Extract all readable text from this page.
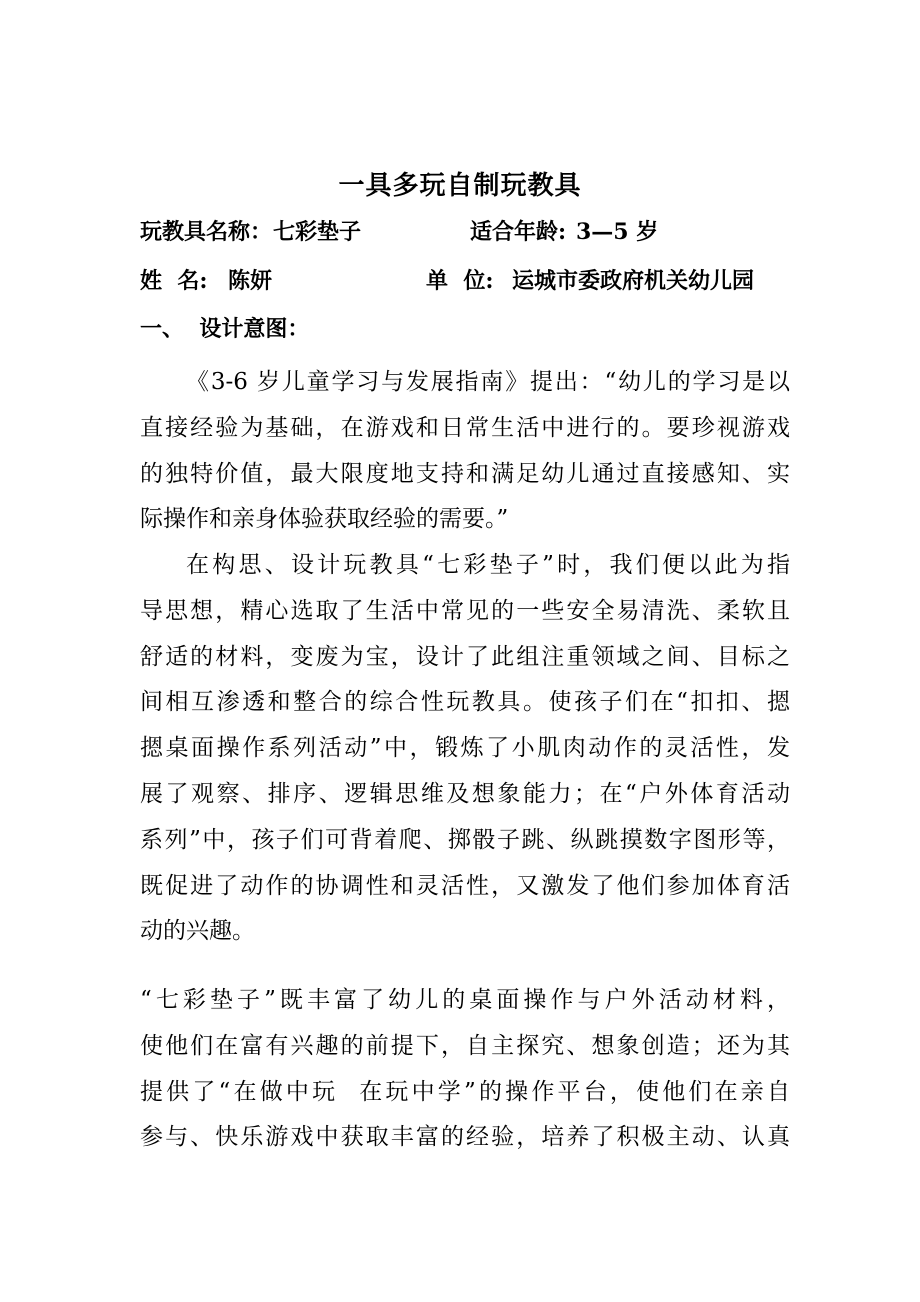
一具多玩自制玩教具
玩教具名称： 七彩垫子	适合年龄: 3—5 岁
姓  名: 陈妍	单  位: 运城市委政府机关幼儿园
一、  设计意图：
《3-6 岁儿童学习与发展指南》提出：“幼儿的学习是以
直接经验为基础，在游戏和日常生活中进行的。要珍视游戏
的独特价值，最大限度地支持和满足幼儿通过直接感知、实
际操作和亲身体验获取经验的需要。”
在构思、设计玩教具“七彩垫子”时，我们便以此为指
导思想，精心选取了生活中常见的一些安全易清洗、柔软且
舒适的材料，变废为宝，设计了此组注重领域之间、目标之
间相互渗透和整合的综合性玩教具。使孩子们在“扣扣、摁
摁桌面操作系列活动”中，锻炼了小肌肉动作的灵活性，发
展了观察、排序、逻辑思维及想象能力；在“户外体育活动
系列”中，孩子们可背着爬、掷骰子跳、纵跳摸数字图形等，
既促进了动作的协调性和灵活性，又激发了他们参加体育活
动的兴趣。
“七彩垫子”既丰富了幼儿的桌面操作与户外活动材料，
使他们在富有兴趣的前提下，自主探究、想象创造；还为其
提供了“在做中玩  在玩中学”的操作平台，使他们在亲自
参与、快乐游戏中获取丰富的经验，培养了积极主动、认真
